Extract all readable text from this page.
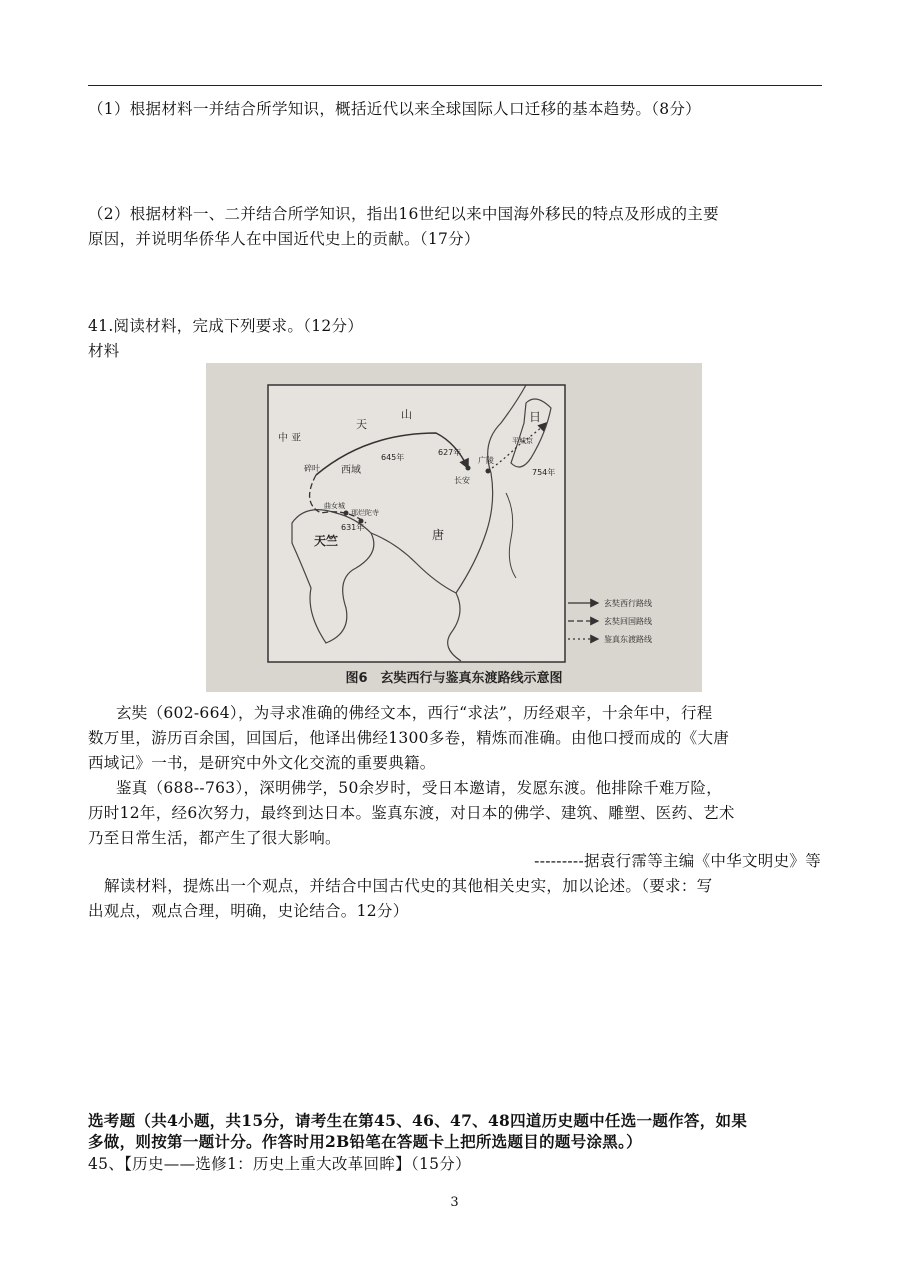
（1）根据材料一并结合所学知识，概括近代以来全球国际人口迁移的基本趋势。（8分）
（2）根据材料一、二并结合所学知识，指出16世纪以来中国海外移民的特点及形成的主要
原因，并说明华侨华人在中国近代史上的贡献。（17分）
41.阅读材料，完成下列要求。（12分）
材料
中 亚
天
山
碎叶 西域
645年
627年
长安
广陵
唐
日
平城京
754年
曲女城
那烂陀寺
631年
天竺
玄奘西行路线
玄奘回国路线
鉴真东渡路线
图6　玄奘西行与鉴真东渡路线示意图
玄奘（602-664），为寻求准确的佛经文本，西行“求法”，历经艰辛，十余年中，行程
数万里，游历百余国，回国后，他译出佛经1300多卷，精炼而准确。由他口授而成的《大唐
西域记》一书，是研究中外文化交流的重要典籍。
鉴真（688--763），深明佛学，50余岁时，受日本邀请，发愿东渡。他排除千难万险，
历时12年，经6次努力，最终到达日本。鉴真东渡，对日本的佛学、建筑、雕塑、医药、艺术
乃至日常生活，都产生了很大影响。
---------据袁行霈等主编《中华文明史》等
解读材料，提炼出一个观点，并结合中国古代史的其他相关史实，加以论述。（要求：写
出观点，观点合理，明确，史论结合。12分）
选考题（共4小题，共15分，请考生在第45、46、47、48四道历史题中任选一题作答，如果
多做，则按第一题计分。作答时用2B铅笔在答题卡上把所选题目的题号涂黑。）
45、【历史——选修1：历史上重大改革回眸】（15分）
3
